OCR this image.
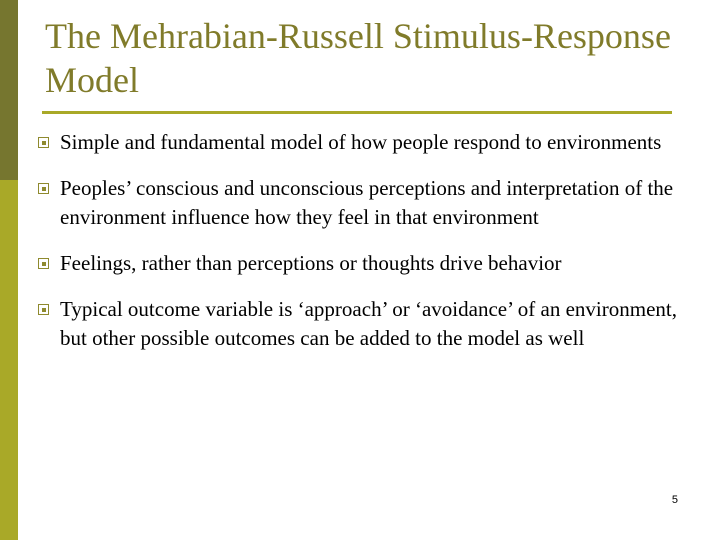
The Mehrabian-Russell Stimulus-Response Model
Simple and fundamental model of how people respond to environments
Peoples’ conscious and unconscious perceptions and interpretation of the environment influence how they feel in that environment
Feelings, rather than perceptions or thoughts drive behavior
Typical outcome variable is ‘approach’ or ‘avoidance’ of an environment, but other possible outcomes can be added to the model as well
5
